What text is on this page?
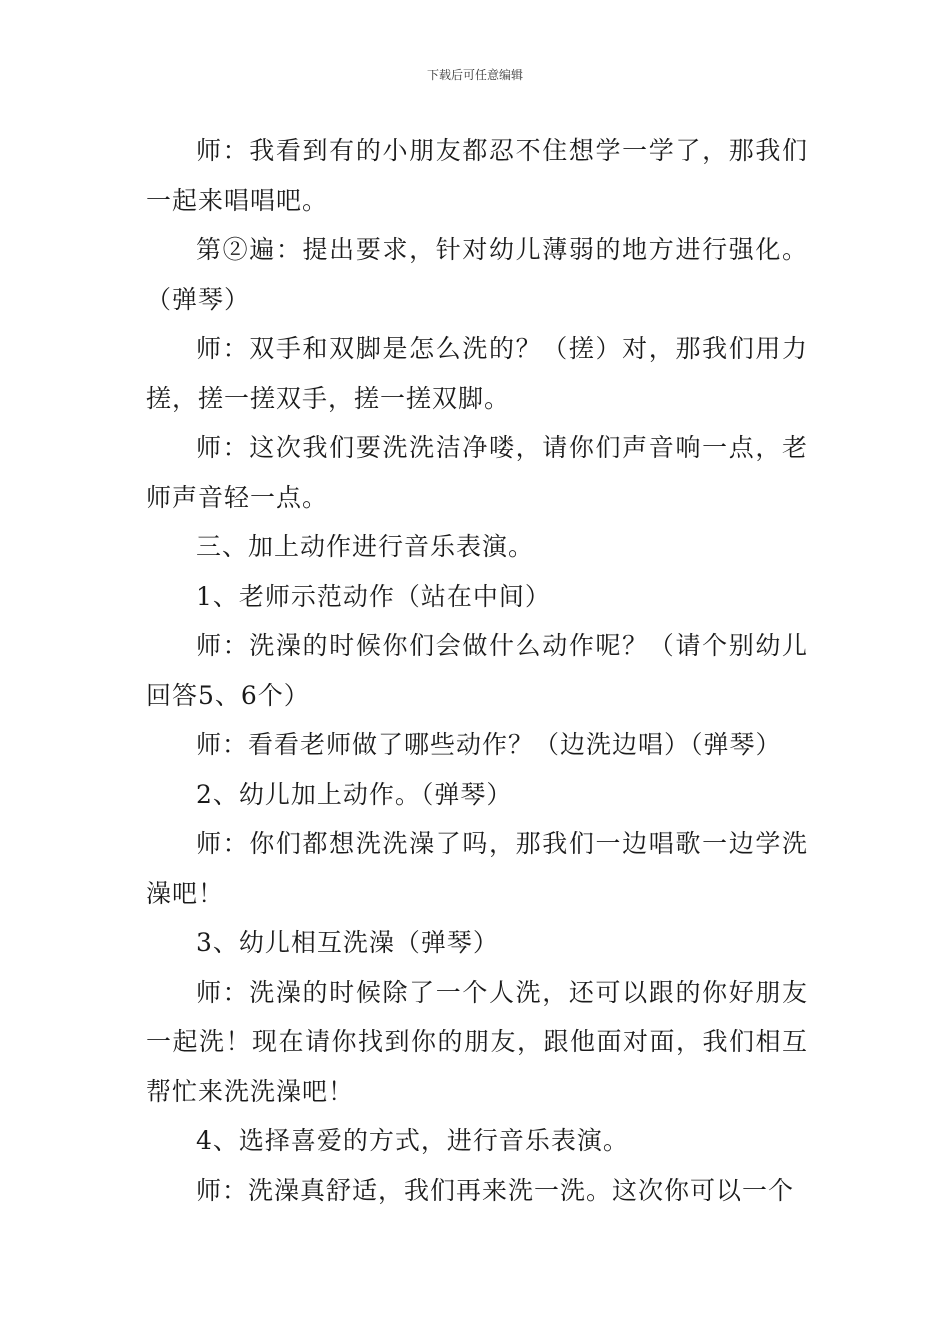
下载后可任意编辑

师：我看到有的小朋友都忍不住想学一学了，那我们一起来唱唱吧。

第②遍：提出要求，针对幼儿薄弱的地方进行强化。（弹琴）

师：双手和双脚是怎么洗的？（搓）对，那我们用力搓，搓一搓双手，搓一搓双脚。

师：这次我们要洗洗洁净喽，请你们声音响一点，老师声音轻一点。

三、加上动作进行音乐表演。

1、老师示范动作（站在中间）

师：洗澡的时候你们会做什么动作呢？（请个别幼儿回答5、6个）

师：看看老师做了哪些动作？（边洗边唱）（弹琴）

2、幼儿加上动作。（弹琴）

师：你们都想洗洗澡了吗，那我们一边唱歌一边学洗澡吧！

3、幼儿相互洗澡（弹琴）

师：洗澡的时候除了一个人洗，还可以跟的你好朋友一起洗！现在请你找到你的朋友，跟他面对面，我们相互帮忙来洗洗澡吧！

4、选择喜爱的方式，进行音乐表演。

师：洗澡真舒适，我们再来洗一洗。这次你可以一个
